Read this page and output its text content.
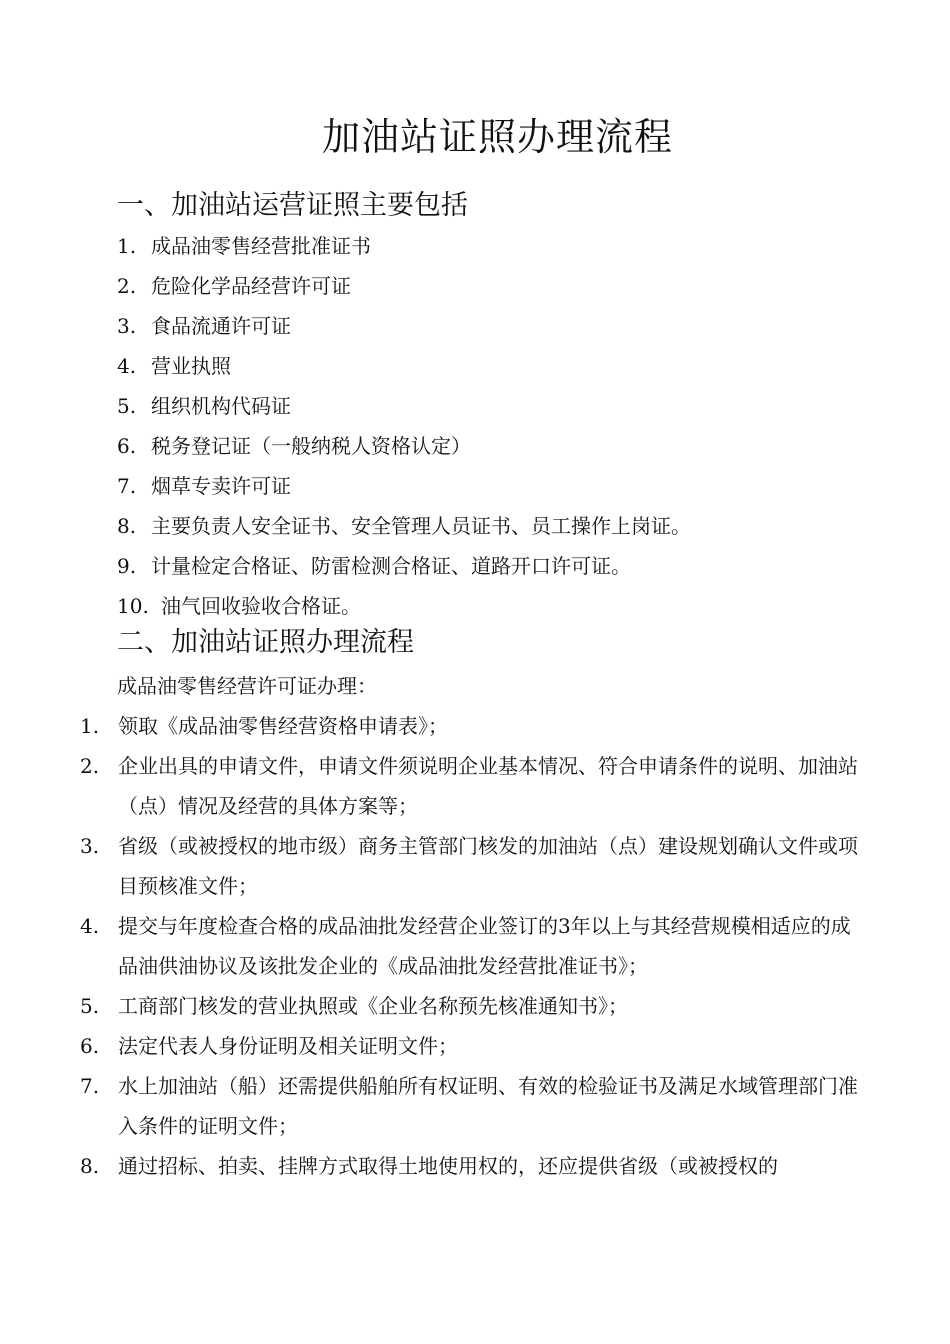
加油站证照办理流程
一、加油站运营证照主要包括
1. 成品油零售经营批准证书
2. 危险化学品经营许可证
3. 食品流通许可证
4. 营业执照
5. 组织机构代码证
6. 税务登记证（一般纳税人资格认定）
7. 烟草专卖许可证
8. 主要负责人安全证书、安全管理人员证书、员工操作上岗证。
9. 计量检定合格证、防雷检测合格证、道路开口许可证。
10. 油气回收验收合格证。
二、加油站证照办理流程
成品油零售经营许可证办理：
1. 领取《成品油零售经营资格申请表》；
2. 企业出具的申请文件，申请文件须说明企业基本情况、符合申请条件的说明、加油站（点）情况及经营的具体方案等；
3. 省级（或被授权的地市级）商务主管部门核发的加油站（点）建设规划确认文件或项目预核准文件；
4. 提交与年度检查合格的成品油批发经营企业签订的3年以上与其经营规模相适应的成品油供油协议及该批发企业的《成品油批发经营批准证书》；
5. 工商部门核发的营业执照或《企业名称预先核准通知书》；
6. 法定代表人身份证明及相关证明文件；
7. 水上加油站（船）还需提供船舶所有权证明、有效的检验证书及满足水域管理部门准入条件的证明文件；
8. 通过招标、拍卖、挂牌方式取得土地使用权的，还应提供省级（或被授权的
